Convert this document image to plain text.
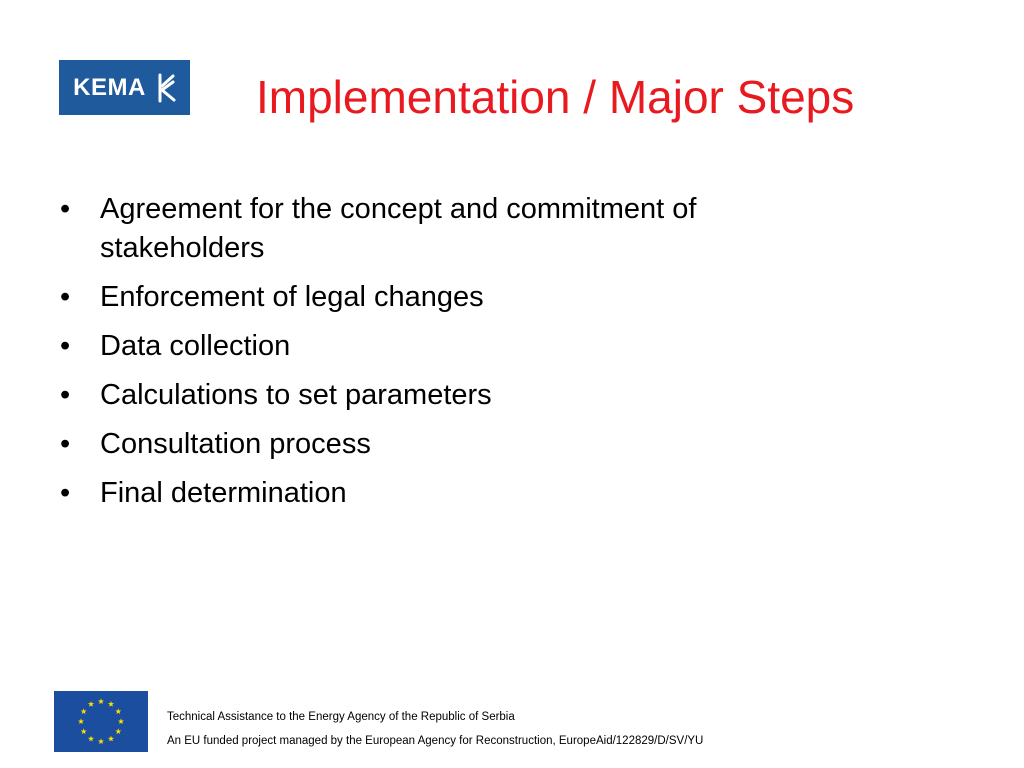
KEMA Implementation / Major Steps
• Agreement for the concept and commitment of stakeholders
• Enforcement of legal changes
• Data collection
• Calculations to set parameters
• Consultation process
• Final determination

Technical Assistance to the Energy Agency of the Republic of Serbia

An EU funded project managed by the European Agency for Reconstruction, EuropeAid/122829/D/SV/YU
